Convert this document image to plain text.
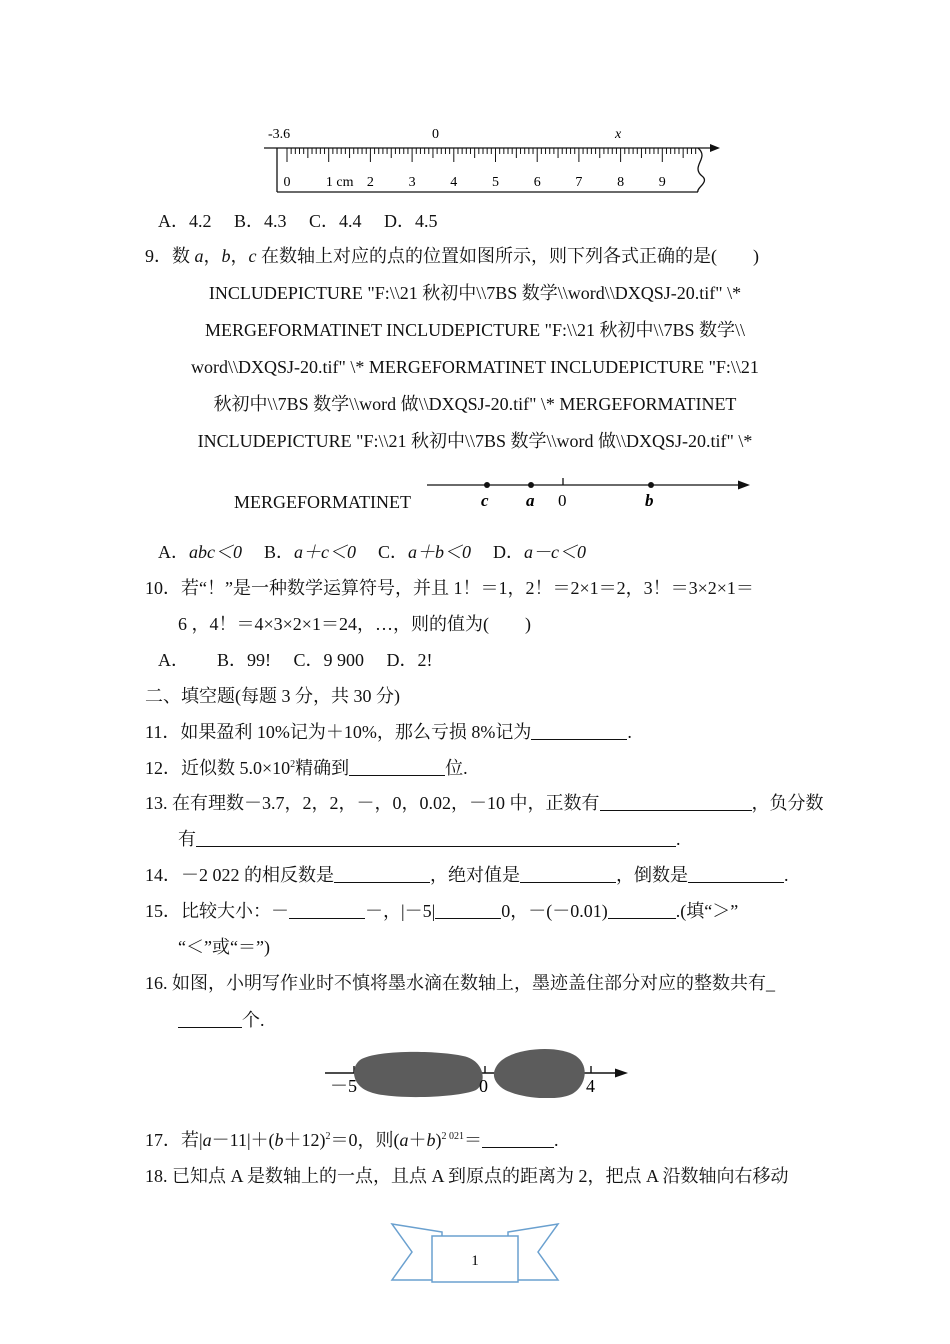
-3.6	0	x
0	1 cm 2 3 4 5 6 7 8 9
A．4.2　 B．4.3　 C．4.4　 D．4.5
9．数 a，b，c 在数轴上对应的点的位置如图所示，则下列各式正确的是(　　)
INCLUDEPICTURE "F:\\21 秋初中\\7BS 数学\\word\\DXQSJ-20.tif" \*
MERGEFORMATINET INCLUDEPICTURE "F:\\21 秋初中\\7BS 数学\\
word\\DXQSJ-20.tif" \* MERGEFORMATINET INCLUDEPICTURE "F:\\21
秋初中\\7BS 数学\\word 做\\DXQSJ-20.tif" \* MERGEFORMATINET
INCLUDEPICTURE "F:\\21 秋初中\\7BS 数学\\word 做\\DXQSJ-20.tif" \*
MERGEFORMATINET	c a 0	b
A．abc＜0 B．a＋c＜0 C．a＋b＜0 D．a－c＜0
10．若“！”是一种数学运算符号，并且 1！＝1，2！＝2×1＝2，3！＝3×2×1＝
6 ，4！＝4×3×2×1＝24，…，则的值为(　　)
A． B．99!　 C．9 900　 D．2!
二、填空题(每题 3 分，共 30 分)
11．如果盈利 10%记为＋10%，那么亏损 8%记为	.
12．近似数 $5.0\times 10^2$精确到	位.
13. 在有理数－3.7，2，2，－，0，0.02，－10 中，正数有	，负分数
有	.
14．－2 022 的相反数是	，绝对值是	，倒数是	.
15．比较大小：－	－，|－5|	0，－(－0.01)	.(填“＞”
“＜”或“＝”)
16. 如图，小明写作业时不慎将墨水滴在数轴上，墨迹盖住部分对应的整数共有_
个.
－5	0	4
17．若$|a-11|+(b+12)^2=0$，则$(a+b)^{2 021}=$	.
18. 已知点 A 是数轴上的一点，且点 A 到原点的距离为 2，把点 A 沿数轴向右移动
1
